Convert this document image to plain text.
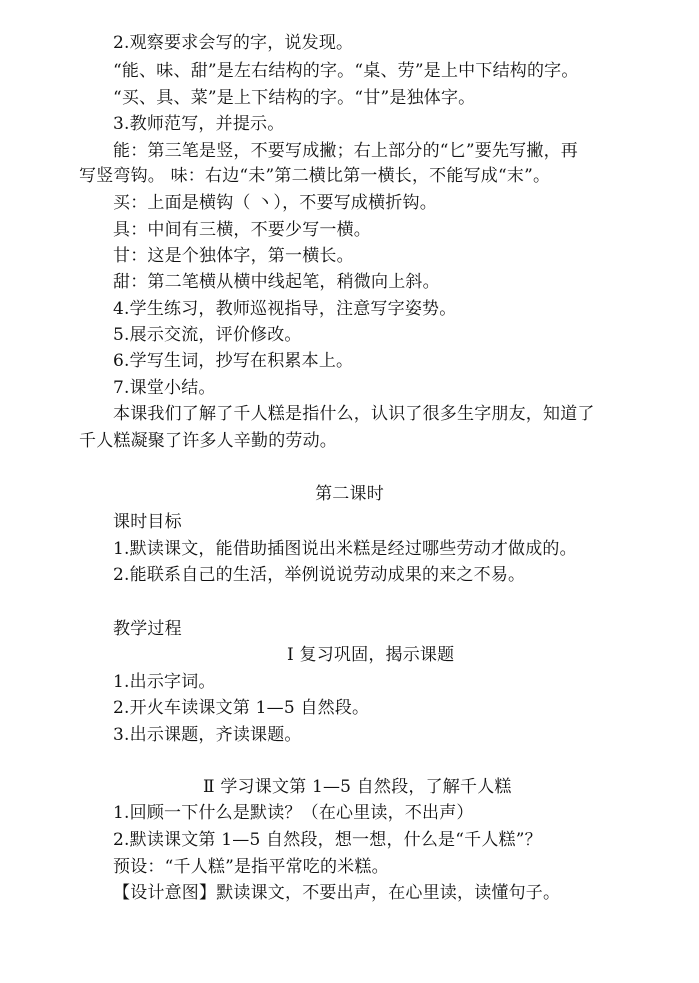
2.观察要求会写的字，说发现。
“能、味、甜”是左右结构的字。“桌、劳”是上中下结构的字。
“买、具、菜”是上下结构的字。“甘”是独体字。
3.教师范写，并提示。
能：第三笔是竖，不要写成撇；右上部分的“匕”要先写撇，再
写竖弯钩。 味：右边“未”第二横比第一横长，不能写成“末”。
买：上面是横钩（ ⼂），不要写成横折钩。
具：中间有三横，不要少写一横。
甘：这是个独体字，第一横长。
甜：第二笔横从横中线起笔，稍微向上斜。
4.学生练习，教师巡视指导，注意写字姿势。
5.展示交流，评价修改。
6.学写生词，抄写在积累本上。
7.课堂小结。
本课我们了解了千人糕是指什么，认识了很多生字朋友，知道了
千人糕凝聚了许多人辛勤的劳动。
第二课时
课时目标
1.默读课文，能借助插图说出米糕是经过哪些劳动才做成的。
2.能联系自己的生活，举例说说劳动成果的来之不易。
教学过程
Ⅰ 复习巩固，揭示课题
1.出示字词。
2.开火车读课文第 1—5 自然段。
3.出示课题，齐读课题。
Ⅱ 学习课文第 1—5 自然段，了解千人糕
1.回顾一下什么是默读？（在心里读，不出声）
2.默读课文第 1—5 自然段，想一想，什么是“千人糕”？
预设：“千人糕”是指平常吃的米糕。
【设计意图】默读课文，不要出声，在心里读，读懂句子。
